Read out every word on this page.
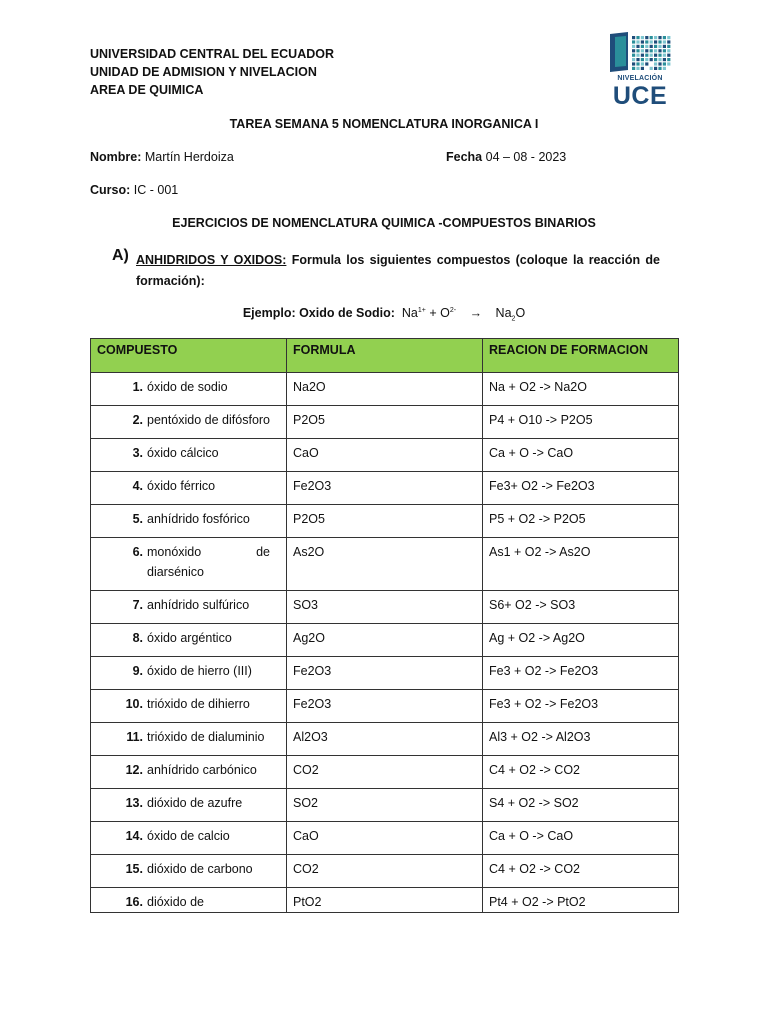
UNIVERSIDAD CENTRAL DEL ECUADOR
UNIDAD DE ADMISION Y NIVELACION
AREA DE QUIMICA
NIVELACIÓN
UCE
TAREA SEMANA 5 NOMENCLATURA INORGANICA I
Nombre: Martín Herdoiza	Fecha 04 – 08 - 2023
Curso: IC - 001
EJERCICIOS DE NOMENCLATURA QUIMICA -COMPUESTOS BINARIOS
A) ANHIDRIDOS Y OXIDOS: Formula los siguientes compuestos (coloque la reacción de formación):
Ejemplo: Oxido de Sodio: $Na^{1+} + O^{2-} \to Na_2O$
COMPUESTO	FORMULA	REACION DE FORMACION

1. óxido de sodio	Na2O	Na + O2 -> Na2O

2. pentóxido de difósforo	P2O5	P4 + O10 -> P2O5

3. óxido cálcico	CaO	Ca + O -> CaO

4. óxido férrico	Fe2O3	Fe3+ O2 -> Fe2O3

5. anhídrido fosfórico	P2O5	P5 + O2 -> P2O5

6. monóxido de diarsénico	As2O	As1 + O2 -> As2O

7. anhídrido sulfúrico	SO3	S6+ O2 -> SO3

8. óxido argéntico	Ag2O	Ag + O2 -> Ag2O

9. óxido de hierro (III)	Fe2O3	Fe3 + O2 -> Fe2O3

10. trióxido de dihierro	Fe2O3	Fe3 + O2 -> Fe2O3

11. trióxido de dialuminio	Al2O3	Al3 + O2 -> Al2O3

12. anhídrido carbónico	CO2	C4 + O2 -> CO2

13. dióxido de azufre	SO2	S4 + O2 -> SO2

14. óxido de calcio	CaO	Ca + O -> CaO

15. dióxido de carbono	CO2	C4 + O2 -> CO2

16. dióxido de	PtO2	Pt4 + O2 -> PtO2
